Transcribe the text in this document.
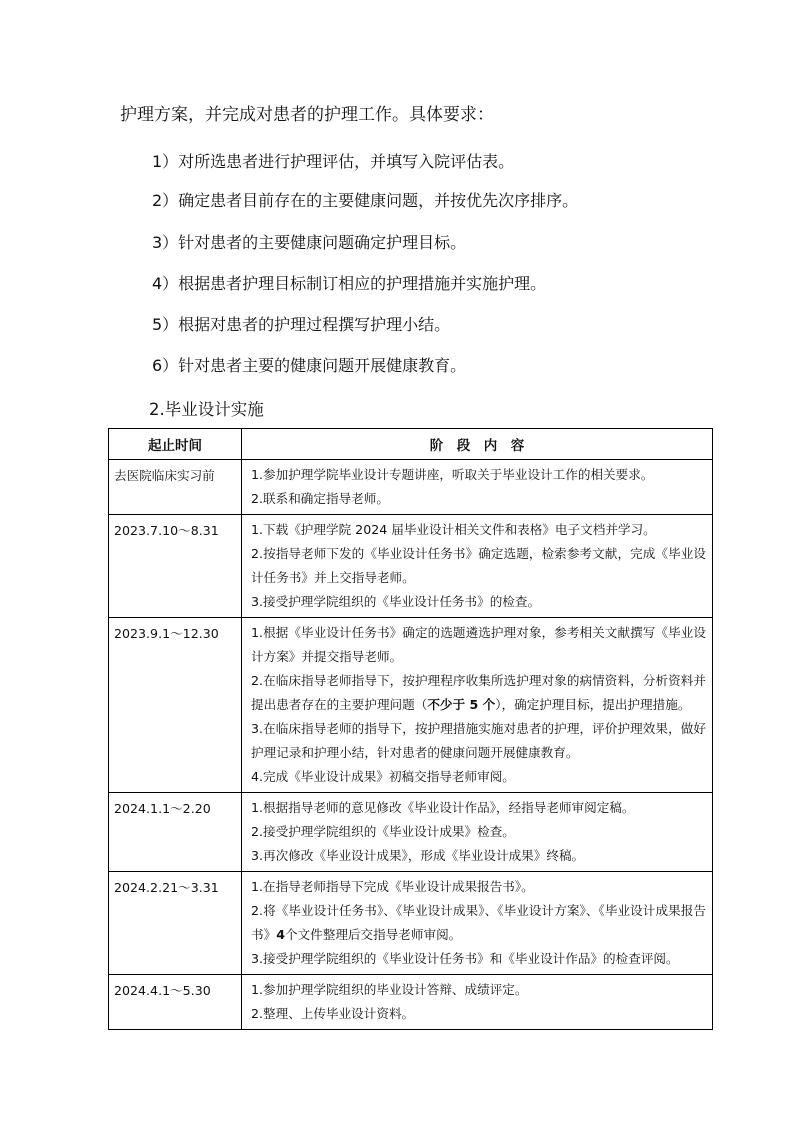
护理方案，并完成对患者的护理工作。具体要求：
1）对所选患者进行护理评估，并填写入院评估表。
2）确定患者目前存在的主要健康问题，并按优先次序排序。
3）针对患者的主要健康问题确定护理目标。
4）根据患者护理目标制订相应的护理措施并实施护理。
5）根据对患者的护理过程撰写护理小结。
6）针对患者主要的健康问题开展健康教育。
2.毕业设计实施
起止时间	阶　段　内　容
去医院临床实习前	1.参加护理学院毕业设计专题讲座，听取关于毕业设计工作的相关要求。
2.联系和确定指导老师。

2023.7.10～8.31	1.下载《护理学院 2024 届毕业设计相关文件和表格》电子文档并学习。
2.按指导老师下发的《毕业设计任务书》确定选题，检索参考文献，完成《毕业设计任务书》并上交指导老师。
3.接受护理学院组织的《毕业设计任务书》的检查。

2023.9.1～12.30	1.根据《毕业设计任务书》确定的选题遴选护理对象，参考相关文献撰写《毕业设计方案》并提交指导老师。
2.在临床指导老师指导下，按护理程序收集所选护理对象的病情资料，分析资料并提出患者存在的主要护理问题（不少于 5 个），确定护理目标，提出护理措施。
3.在临床指导老师的指导下，按护理措施实施对患者的护理，评价护理效果，做好护理记录和护理小结，针对患者的健康问题开展健康教育。
4.完成《毕业设计成果》初稿交指导老师审阅。

2024.1.1～2.20	1.根据指导老师的意见修改《毕业设计作品》，经指导老师审阅定稿。
2.接受护理学院组织的《毕业设计成果》检查。
3.再次修改《毕业设计成果》，形成《毕业设计成果》终稿。

2024.2.21～3.31	1.在指导老师指导下完成《毕业设计成果报告书》。
2.将《毕业设计任务书》、《毕业设计成果》、《毕业设计方案》、《毕业设计成果报告书》4个文件整理后交指导老师审阅。
3.接受护理学院组织的《毕业设计任务书》和《毕业设计作品》的检查评阅。

2024.4.1～5.30	1.参加护理学院组织的毕业设计答辩、成绩评定。
2.整理、上传毕业设计资料。
